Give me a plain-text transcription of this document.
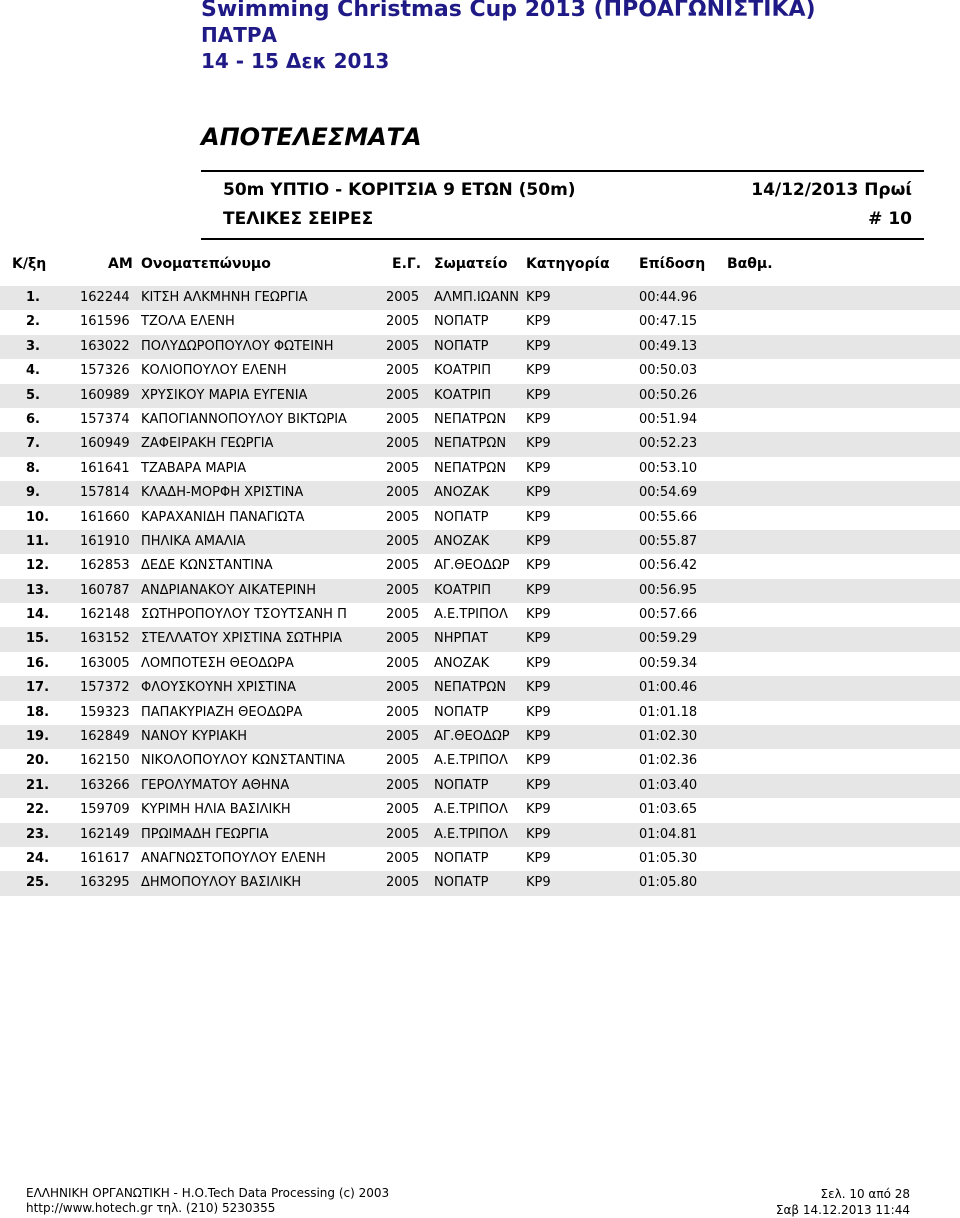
Swimming Christmas Cup 2013 (ΠΡΟΑΓΩΝΙΣΤΙΚΑ)
ΠΑΤΡΑ
14 - 15 Δεκ 2013
ΑΠΟΤΕΛΕΣΜΑΤΑ
50m ΥΠΤΙΟ - ΚΟΡΙΤΣΙΑ 9 ΕΤΩΝ (50m)	14/12/2013 Πρωί
ΤΕΛΙΚΕΣ ΣΕΙΡΕΣ	# 10
Κ/ξη	ΑΜ Ονοματεπώνυμο	Ε.Γ. Σωματείο Κατηγορία Επίδοση Βαθμ.
1.	162244 ΚΙΤΣΗ ΑΛΚΜΗΝΗ ΓΕΩΡΓΙΑ	2005 ΑΛΜΠ.ΙΩΑΝΝ ΚΡ9	00:44.96
2.	161596 ΤΖΟΛΑ ΕΛΕΝΗ	2005 ΝΟΠΑΤΡ	ΚΡ9	00:47.15
3.	163022 ΠΟΛΥΔΩΡΟΠΟΥΛΟΥ ΦΩΤΕΙΝΗ	2005 ΝΟΠΑΤΡ	ΚΡ9	00:49.13
4.	157326 ΚΟΛΙΟΠΟΥΛΟΥ ΕΛΕΝΗ	2005 ΚΟΑΤΡΙΠ	ΚΡ9	00:50.03
5.	160989 ΧΡΥΣΙΚΟΥ ΜΑΡΙΑ ΕΥΓΕΝΙΑ	2005 ΚΟΑΤΡΙΠ	ΚΡ9	00:50.26
6.	157374 ΚΑΠΟΓΙΑΝΝΟΠΟΥΛΟΥ ΒΙΚΤΩΡΙΑ	2005 ΝΕΠΑΤΡΩΝ ΚΡ9	00:51.94
7.	160949 ΖΑΦΕΙΡΑΚΗ ΓΕΩΡΓΙΑ	2005 ΝΕΠΑΤΡΩΝ ΚΡ9	00:52.23
8.	161641 ΤΖΑΒΑΡΑ ΜΑΡΙΑ	2005 ΝΕΠΑΤΡΩΝ ΚΡ9	00:53.10
9.	157814 ΚΛΑΔΗ-ΜΟΡΦΗ ΧΡΙΣΤΙΝΑ	2005 ΑΝΟΖΑΚ	ΚΡ9	00:54.69
10. 161660 ΚΑΡΑΧΑΝΙΔΗ ΠΑΝΑΓΙΩΤΑ	2005 ΝΟΠΑΤΡ	ΚΡ9	00:55.66
11. 161910 ΠΗΛΙΚΑ ΑΜΑΛΙΑ	2005 ΑΝΟΖΑΚ	ΚΡ9	00:55.87
12. 162853 ΔΕΔΕ ΚΩΝΣΤΑΝΤΙΝΑ	2005 ΑΓ.ΘΕΟΔΩΡ ΚΡ9	00:56.42
13. 160787 ΑΝΔΡΙΑΝΑΚΟΥ ΑΙΚΑΤΕΡΙΝΗ	2005 ΚΟΑΤΡΙΠ	ΚΡ9	00:56.95
14. 162148 ΣΩΤΗΡΟΠΟΥΛΟΥ ΤΣΟΥΤΣΑΝΗ Π	2005 Α.Ε.ΤΡΙΠΟΛ ΚΡ9	00:57.66
15. 163152 ΣΤΕΛΛΑΤΟΥ ΧΡΙΣΤΙΝΑ ΣΩΤΗΡΙΑ	2005 ΝΗΡΠΑΤ	ΚΡ9	00:59.29
16. 163005 ΛΟΜΠΟΤΕΣΗ ΘΕΟΔΩΡΑ	2005 ΑΝΟΖΑΚ	ΚΡ9	00:59.34
17. 157372 ΦΛΟΥΣΚΟΥΝΗ ΧΡΙΣΤΙΝΑ	2005 ΝΕΠΑΤΡΩΝ ΚΡ9	01:00.46
18. 159323 ΠΑΠΑΚΥΡΙΑΖΗ ΘΕΟΔΩΡΑ	2005 ΝΟΠΑΤΡ	ΚΡ9	01:01.18
19. 162849 ΝΑΝΟΥ ΚΥΡΙΑΚΗ	2005 ΑΓ.ΘΕΟΔΩΡ ΚΡ9	01:02.30
20. 162150 ΝΙΚΟΛΟΠΟΥΛΟΥ ΚΩΝΣΤΑΝΤΙΝΑ	2005 Α.Ε.ΤΡΙΠΟΛ ΚΡ9	01:02.36
21. 163266 ΓΕΡΟΛΥΜΑΤΟΥ ΑΘΗΝΑ	2005 ΝΟΠΑΤΡ	ΚΡ9	01:03.40
22. 159709 ΚΥΡΙΜΗ ΗΛΙΑ ΒΑΣΙΛΙΚΗ	2005 Α.Ε.ΤΡΙΠΟΛ ΚΡ9	01:03.65
23. 162149 ΠΡΩΙΜΑΔΗ ΓΕΩΡΓΙΑ	2005 Α.Ε.ΤΡΙΠΟΛ ΚΡ9	01:04.81
24. 161617 ΑΝΑΓΝΩΣΤΟΠΟΥΛΟΥ ΕΛΕΝΗ	2005 ΝΟΠΑΤΡ	ΚΡ9	01:05.30
25. 163295 ΔΗΜΟΠΟΥΛΟΥ ΒΑΣΙΛΙΚΗ	2005 ΝΟΠΑΤΡ	ΚΡ9	01:05.80
ΕΛΛΗΝΙΚΗ ΟΡΓΑΝΩΤΙΚΗ - Η.Ο.Tech Data Processing (c) 2003
http://www.hotech.gr τηλ. (210) 5230355
Σελ. 10 από 28
Σαβ 14.12.2013 11:44
